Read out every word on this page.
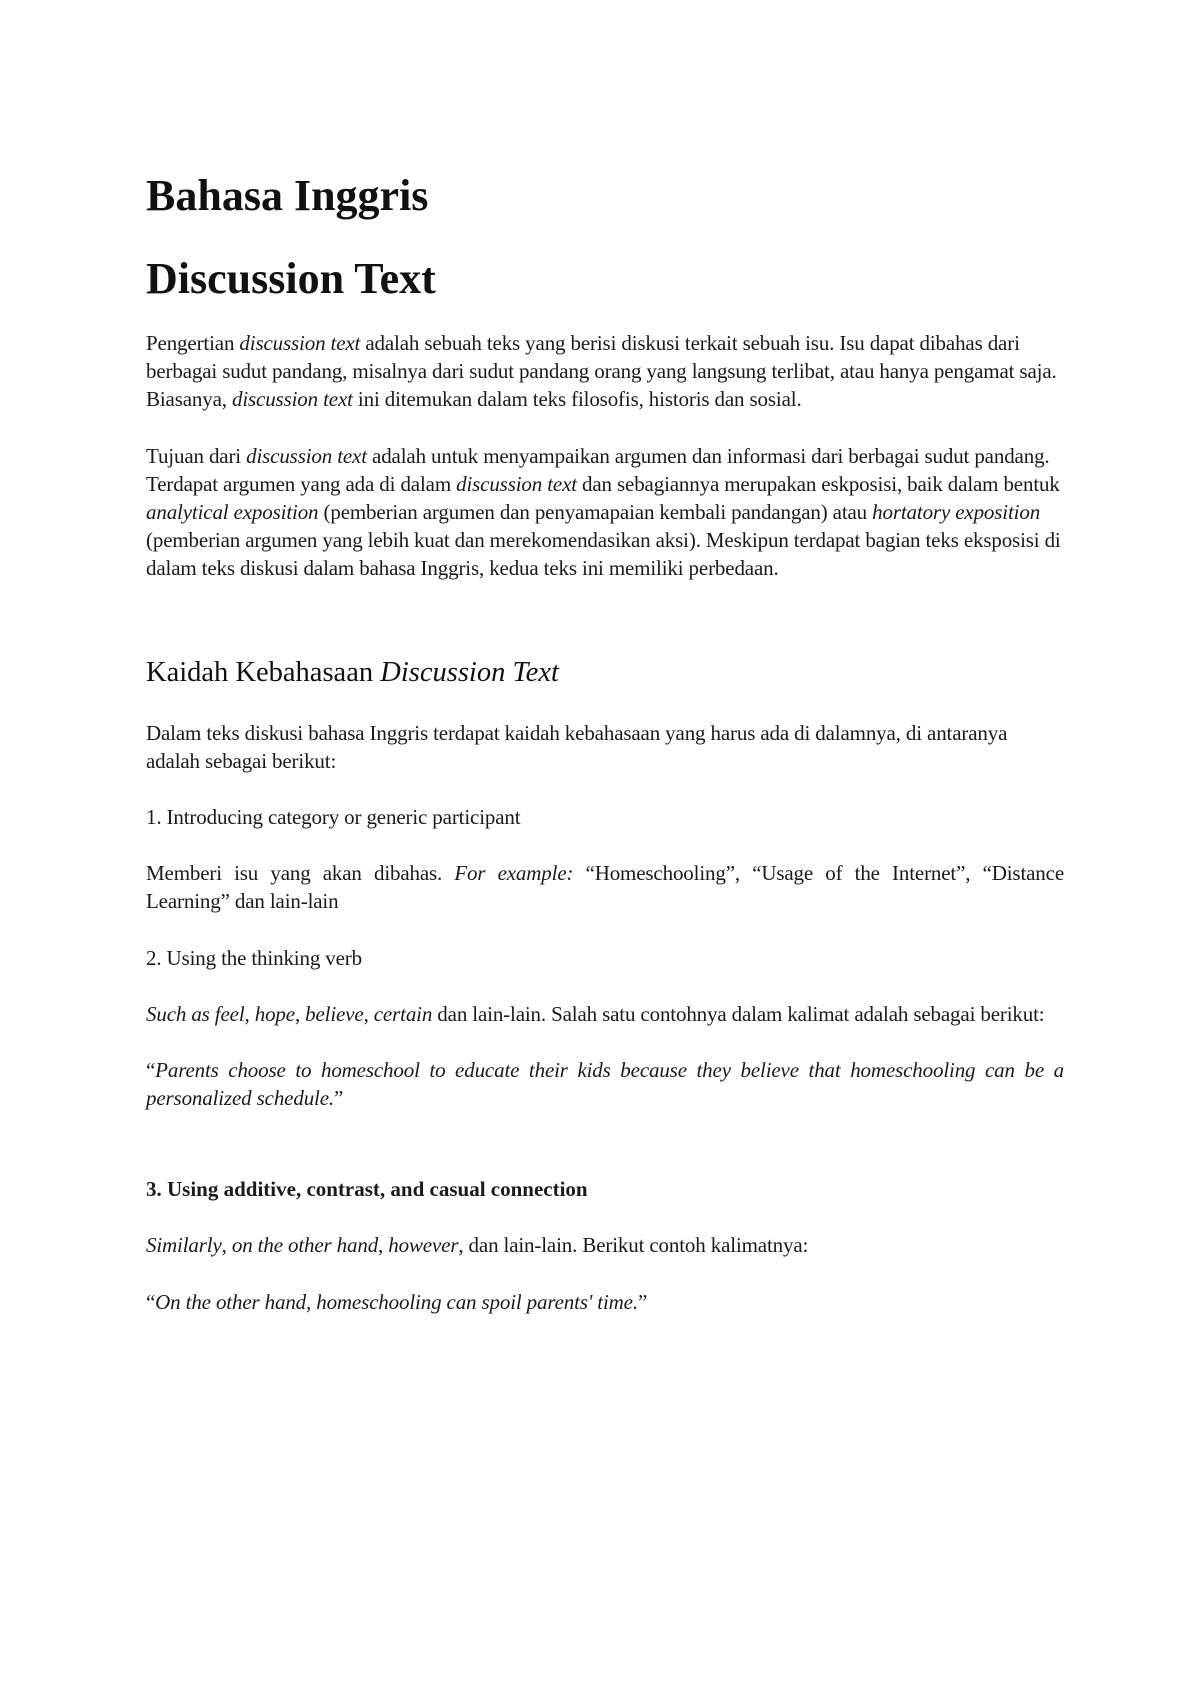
Bahasa Inggris
Discussion Text

Pengertian discussion text adalah sebuah teks yang berisi diskusi terkait sebuah isu. Isu dapat dibahas dari berbagai sudut pandang, misalnya dari sudut pandang orang yang langsung terlibat, atau hanya pengamat saja. Biasanya, discussion text ini ditemukan dalam teks filosofis, historis dan sosial.

Tujuan dari discussion text adalah untuk menyampaikan argumen dan informasi dari berbagai sudut pandang. Terdapat argumen yang ada di dalam discussion text dan sebagiannya merupakan eskposisi, baik dalam bentuk analytical exposition (pemberian argumen dan penyamapaian kembali pandangan) atau hortatory exposition (pemberian argumen yang lebih kuat dan merekomendasikan aksi). Meskipun terdapat bagian teks eksposisi di dalam teks diskusi dalam bahasa Inggris, kedua teks ini memiliki perbedaan.

Kaidah Kebahasaan Discussion Text

Dalam teks diskusi bahasa Inggris terdapat kaidah kebahasaan yang harus ada di dalamnya, di antaranya adalah sebagai berikut:

1. Introducing category or generic participant

Memberi isu yang akan dibahas. For example: “Homeschooling”, “Usage of the Internet”, “Distance Learning” dan lain-lain

2. Using the thinking verb

Such as feel, hope, believe, certain dan lain-lain. Salah satu contohnya dalam kalimat adalah sebagai berikut:

“Parents choose to homeschool to educate their kids because they believe that homeschooling can be a personalized schedule.”

3. Using additive, contrast, and casual connection

Similarly, on the other hand, however, dan lain-lain. Berikut contoh kalimatnya:

“On the other hand, homeschooling can spoil parents' time.”
